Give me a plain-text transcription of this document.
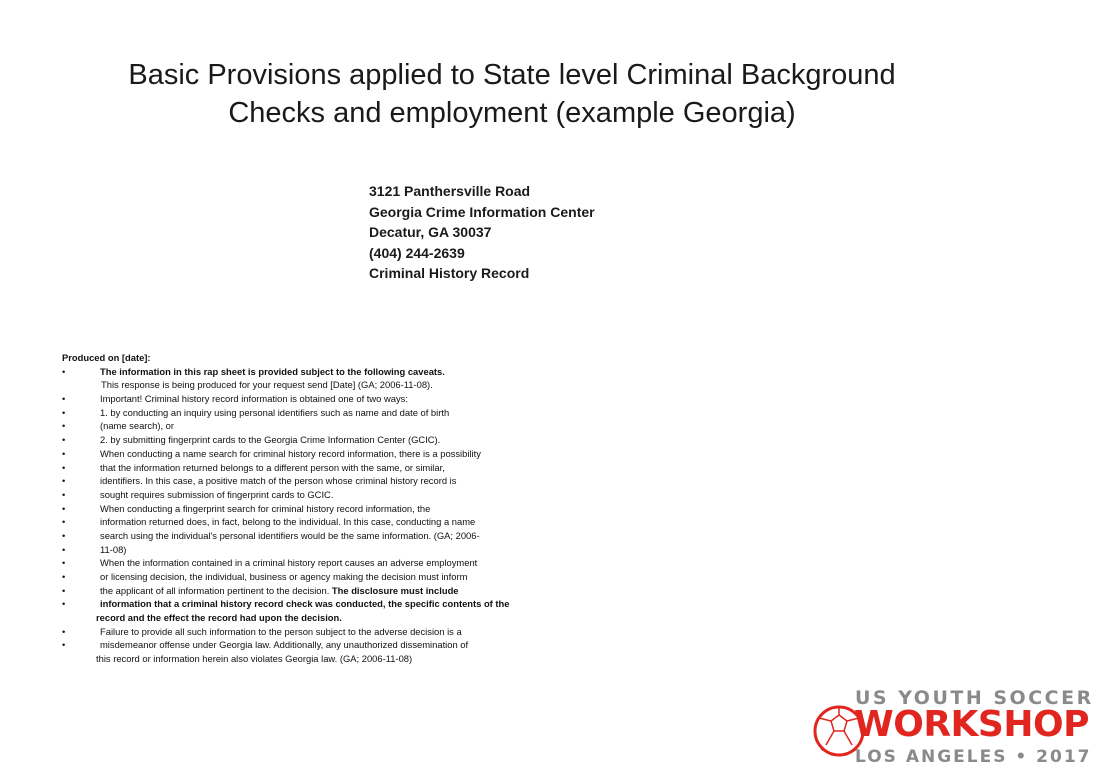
Basic Provisions applied to State level Criminal Background
Checks and employment (example Georgia)
3121 Panthersville Road
Georgia Crime Information Center
Decatur, GA 30037
(404) 244-2639
Criminal History Record
Produced on [date]:
•	The information in this rap sheet is provided subject to the following caveats.
This response is being produced for your request send [Date] (GA; 2006-11-08).
•	Important! Criminal history record information is obtained one of two ways:
•	1. by conducting an inquiry using personal identifiers such as name and date of birth
•	(name search), or
•	2. by submitting fingerprint cards to the Georgia Crime Information Center (GCIC).
•	When conducting a name search for criminal history record information, there is a possibility
•	that the information returned belongs to a different person with the same, or similar,
•	identifiers. In this case, a positive match of the person whose criminal history record is
•	sought requires submission of fingerprint cards to GCIC.
•	When conducting a fingerprint search for criminal history record information, the
•	information returned does, in fact, belong to the individual. In this case, conducting a name
•	search using the individual's personal identifiers would be the same information. (GA; 2006-
•	11-08)
•	When the information contained in a criminal history report causes an adverse employment
•	or licensing decision, the individual, business or agency making the decision must inform
•	the applicant of all information pertinent to the decision. The disclosure must include
•	information that a criminal history record check was conducted, the specific contents of the
record and the effect the record had upon the decision.
•	Failure to provide all such information to the person subject to the adverse decision is a
•	misdemeanor offense under Georgia law. Additionally, any unauthorized dissemination of
this record or information herein also violates Georgia law. (GA; 2006-11-08)
US YOUTH SOCCER
WORKSHOP
LOS ANGELES • 2017
